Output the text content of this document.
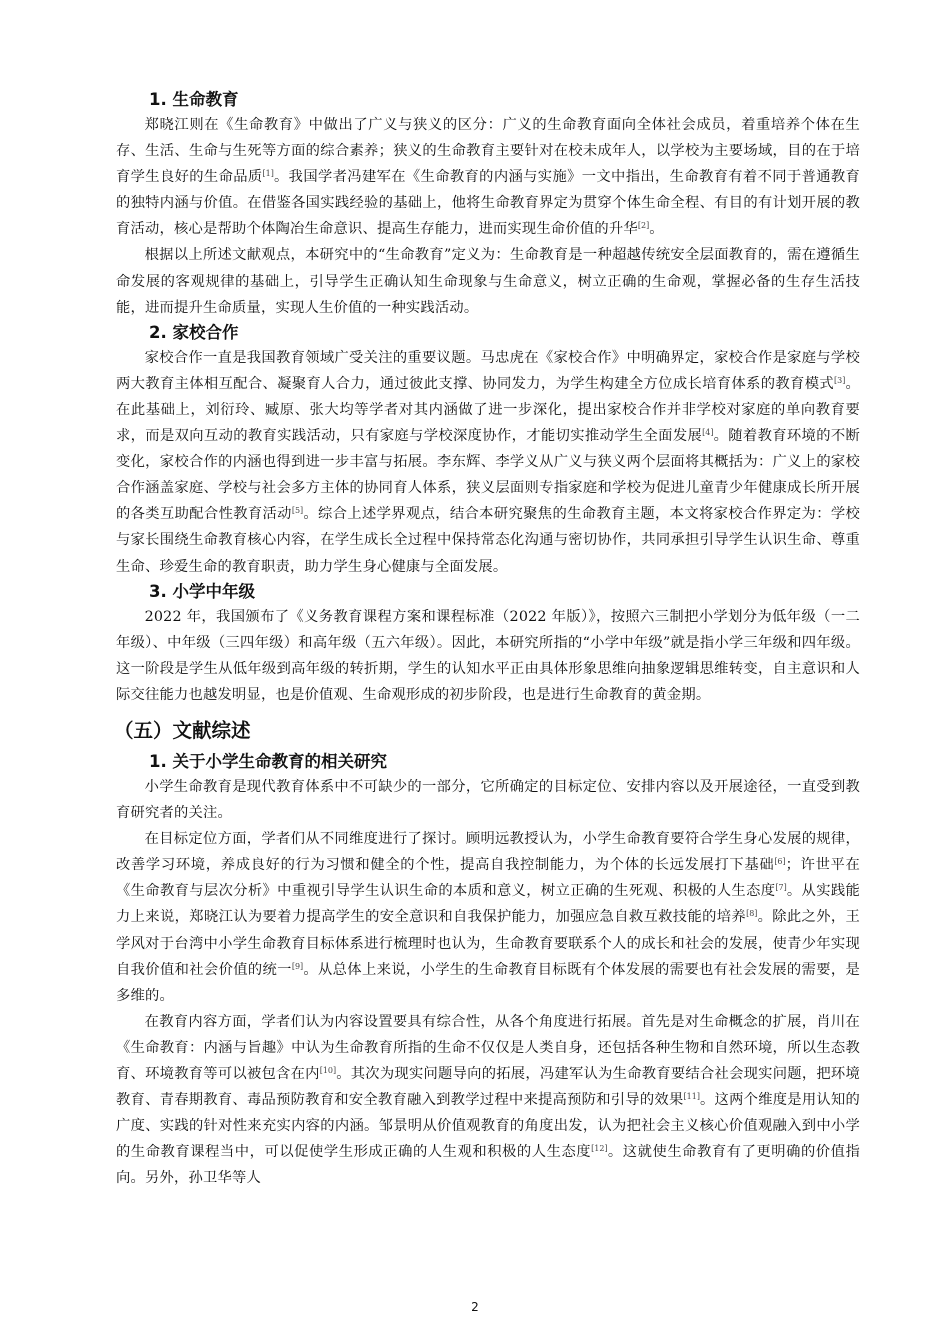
1. 生命教育

郑晓江则在《生命教育》中做出了广义与狭义的区分：广义的生命教育面向全体社会成员，着重培养个体在生存、生活、生命与生死等方面的综合素养；狭义的生命教育主要针对在校未成年人，以学校为主要场域，目的在于培育学生良好的生命品质[1]。我国学者冯建军在《生命教育的内涵与实施》一文中指出，生命教育有着不同于普通教育的独特内涵与价值。在借鉴各国实践经验的基础上，他将生命教育界定为贯穿个体生命全程、有目的有计划开展的教育活动，核心是帮助个体陶冶生命意识、提高生存能力，进而实现生命价值的升华[2]。

根据以上所述文献观点，本研究中的“生命教育”定义为：生命教育是一种超越传统安全层面教育的，需在遵循生命发展的客观规律的基础上，引导学生正确认知生命现象与生命意义，树立正确的生命观，掌握必备的生存生活技能，进而提升生命质量，实现人生价值的一种实践活动。

2. 家校合作

家校合作一直是我国教育领域广受关注的重要议题。马忠虎在《家校合作》中明确界定，家校合作是家庭与学校两大教育主体相互配合、凝聚育人合力，通过彼此支撑、协同发力，为学生构建全方位成长培育体系的教育模式[3]。在此基础上，刘衍玲、臧原、张大均等学者对其内涵做了进一步深化，提出家校合作并非学校对家庭的单向教育要求，而是双向互动的教育实践活动，只有家庭与学校深度协作，才能切实推动学生全面发展[4]。随着教育环境的不断变化，家校合作的内涵也得到进一步丰富与拓展。李东辉、李学义从广义与狭义两个层面将其概括为：广义上的家校合作涵盖家庭、学校与社会多方主体的协同育人体系，狭义层面则专指家庭和学校为促进儿童青少年健康成长所开展的各类互助配合性教育活动[5]。综合上述学界观点，结合本研究聚焦的生命教育主题，本文将家校合作界定为：学校与家长围绕生命教育核心内容，在学生成长全过程中保持常态化沟通与密切协作，共同承担引导学生认识生命、尊重生命、珍爱生命的教育职责，助力学生身心健康与全面发展。

3. 小学中年级

2022 年，我国颁布了《义务教育课程方案和课程标准（2022 年版）》，按照六三制把小学划分为低年级（一二年级）、中年级（三四年级）和高年级（五六年级）。因此，本研究所指的“小学中年级”就是指小学三年级和四年级。这一阶段是学生从低年级到高年级的转折期，学生的认知水平正由具体形象思维向抽象逻辑思维转变，自主意识和人际交往能力也越发明显，也是价值观、生命观形成的初步阶段，也是进行生命教育的黄金期。

（五）文献综述
1. 关于小学生命教育的相关研究

小学生命教育是现代教育体系中不可缺少的一部分，它所确定的目标定位、安排内容以及开展途径，一直受到教育研究者的关注。

在目标定位方面，学者们从不同维度进行了探讨。顾明远教授认为，小学生命教育要符合学生身心发展的规律，改善学习环境，养成良好的行为习惯和健全的个性，提高自我控制能力，为个体的长远发展打下基础[6]；许世平在《生命教育与层次分析》中重视引导学生认识生命的本质和意义，树立正确的生死观、积极的人生态度[7]。从实践能力上来说，郑晓江认为要着力提高学生的安全意识和自我保护能力，加强应急自救互救技能的培养[8]。除此之外，王学风对于台湾中小学生命教育目标体系进行梳理时也认为，生命教育要联系个人的成长和社会的发展，使青少年实现自我价值和社会价值的统一[9]。从总体上来说，小学生的生命教育目标既有个体发展的需要也有社会发展的需要，是多维的。

在教育内容方面，学者们认为内容设置要具有综合性，从各个角度进行拓展。首先是对生命概念的扩展，肖川在《生命教育：内涵与旨趣》中认为生命教育所指的生命不仅仅是人类自身，还包括各种生物和自然环境，所以生态教育、环境教育等可以被包含在内[10]。其次为现实问题导向的拓展，冯建军认为生命教育要结合社会现实问题，把环境教育、青春期教育、毒品预防教育和安全教育融入到教学过程中来提高预防和引导的效果[11]。这两个维度是用认知的广度、实践的针对性来充实内容的内涵。邹景明从价值观教育的角度出发，认为把社会主义核心价值观融入到中小学的生命教育课程当中，可以促使学生形成正确的人生观和积极的人生态度[12]。这就使生命教育有了更明确的价值指向。另外，孙卫华等人

2
